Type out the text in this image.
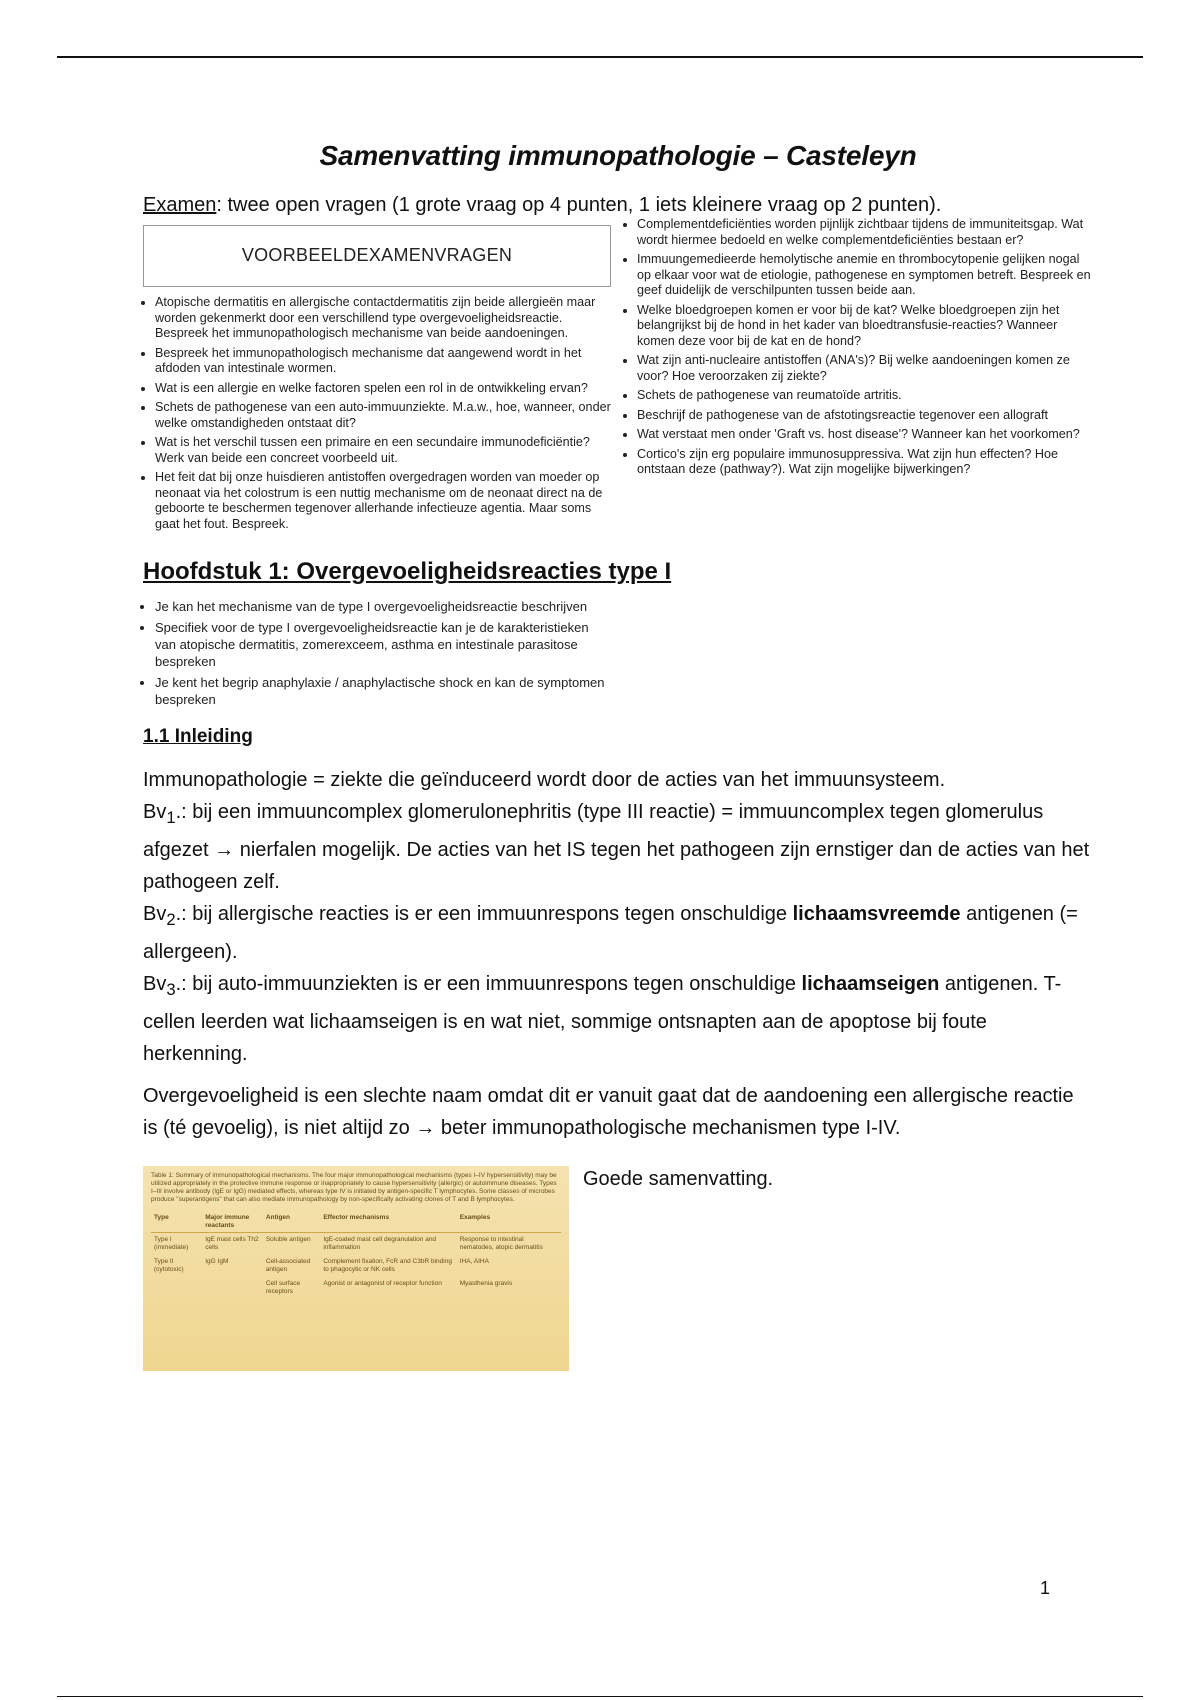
Samenvatting immunopathologie – Casteleyn

Examen: twee open vragen (1 grote vraag op 4 punten, 1 iets kleinere vraag op 2 punten).

VOORBEELDEXAMENVRAGEN
• Atopische dermatitis en allergische contactdermatitis zijn beide allergieën maar worden gekenmerkt door een verschillend type overgevoeligheidsreactie. Bespreek het immunopathologisch mechanisme van beide aandoeningen.
• Bespreek het immunopathologisch mechanisme dat aangewend wordt in het afdoden van intestinale wormen.
• Wat is een allergie en welke factoren spelen een rol in de ontwikkeling ervan?
• Schets de pathogenese van een auto-immuunziekte. M.a.w., hoe, wanneer, onder welke omstandigheden ontstaat dit?
• Wat is het verschil tussen een primaire en een secundaire immunodeficiëntie? Werk van beide een concreet voorbeeld uit.
• Het feit dat bij onze huisdieren antistoffen overgedragen worden van moeder op neonaat via het colostrum is een nuttig mechanisme om de neonaat direct na de geboorte te beschermen tegenover allerhande infectieuze agentia. Maar soms gaat het fout. Bespreek.
• Complementdeficiënties worden pijnlijk zichtbaar tijdens de immuniteitsgap. Wat wordt hiermee bedoeld en welke complementdeficiënties bestaan er?
• Immuungemedieerde hemolytische anemie en thrombocytopenie gelijken nogal op elkaar voor wat de etiologie, pathogenese en symptomen betreft. Bespreek en geef duidelijk de verschilpunten tussen beide aan.
• Welke bloedgroepen komen er voor bij de kat? Welke bloedgroepen zijn het belangrijkst bij de hond in het kader van bloedtransfusie-reacties? Wanneer komen deze voor bij de kat en de hond?
• Wat zijn anti-nucleaire antistoffen (ANA's)? Bij welke aandoeningen komen ze voor? Hoe veroorzaken zij ziekte?
• Schets de pathogenese van reumatoïde artritis.
• Beschrijf de pathogenese van de afstotingsreactie tegenover een allograft
• Wat verstaat men onder 'Graft vs. host disease'? Wanneer kan het voorkomen?
• Cortico's zijn erg populaire immunosuppressiva. Wat zijn hun effecten? Hoe ontstaan deze (pathway?). Wat zijn mogelijke bijwerkingen?
Hoofdstuk 1: Overgevoeligheidsreacties type I
• Je kan het mechanisme van de type I overgevoeligheidsreactie beschrijven
• Specifiek voor de type I overgevoeligheidsreactie kan je de karakteristieken van atopische dermatitis, zomerexceem, asthma en intestinale parasitose bespreken
• Je kent het begrip anaphylaxie / anaphylactische shock en kan de symptomen bespreken
1.1 Inleiding

Immunopathologie = ziekte die geïnduceerd wordt door de acties van het immuunsysteem.
$Bv_1$.: bij een immuuncomplex glomerulonephritis (type III reactie) = immuuncomplex tegen glomerulus afgezet → nierfalen mogelijk. De acties van het IS tegen het pathogeen zijn ernstiger dan de acties van het pathogeen zelf.
$Bv_2$.: bij allergische reacties is er een immuunrespons tegen onschuldige lichaamsvreemde antigenen (= allergeen).
$Bv_3$.: bij auto-immuunziekten is er een immuunrespons tegen onschuldige lichaamseigen antigenen. T-cellen leerden wat lichaamseigen is en wat niet, sommige ontsnapten aan de apoptose bij foute herkenning.

Overgevoeligheid is een slechte naam omdat dit er vanuit gaat dat de aandoening een allergische reactie is (té gevoelig), is niet altijd zo → beter immunopathologische mechanismen type I-IV.

Table 1: Summary of immunopathological mechanisms. The four major immunopathological mechanisms (types I–IV hypersensitivity) may be utilized appropriately in the protective immune response or inappropriately to cause hypersensitivity (allergic) or autoimmune diseases. Types I–III involve antibody (IgE or IgG) mediated effects, whereas type IV is initiated by antigen-specific T lymphocytes. Some classes of microbes produce "superantigens" that can also mediate immunopathology by non-specifically activating clones of T and B lymphocytes.
Type	Major immune reactants	Antigen	Effector mechanisms	Examples
Type I (immediate)	IgE mast cells Th2 cells	Soluble antigen	IgE-coated mast cell degranulation and inflammation	Response to intestinal nematodes, atopic dermatitis
Type II (cytotoxic)	IgG IgM	Cell-associated antigen	Complement fixation, FcR and C3bR binding to phagocytic or NK cells	IHA, AIHA
		Cell surface receptors	Agonist or antagonist of receptor function	Myasthenia gravis
Goede samenvatting.
1
